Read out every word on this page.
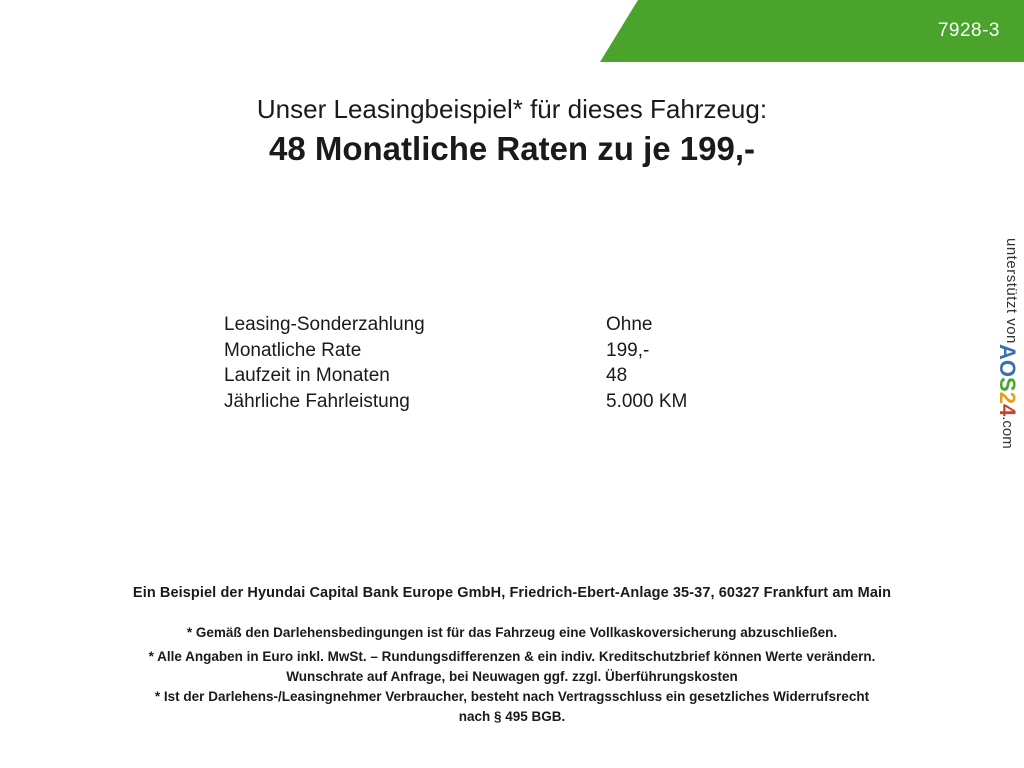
FESER GRAF	7928-3
Unser Leasingbeispiel* für dieses Fahrzeug:
48 Monatliche Raten zu je 199,-
Leasing-Sonderzahlung	Ohne
Monatliche Rate	199,-
Laufzeit in Monaten	48
Jährliche Fahrleistung	5.000 KM
unterstützt von
AOS24.com
Ein Beispiel der Hyundai Capital Bank Europe GmbH, Friedrich-Ebert-Anlage 35-37, 60327 Frankfurt am Main

* Gemäß den Darlehensbedingungen ist für das Fahrzeug eine Vollkaskoversicherung abzuschließen.

* Alle Angaben in Euro inkl. MwSt. – Rundungsdifferenzen & ein indiv. Kreditschutzbrief können Werte verändern.

Wunschrate auf Anfrage, bei Neuwagen ggf. zzgl. Überführungskosten

* Ist der Darlehens-/Leasingnehmer Verbraucher, besteht nach Vertragsschluss ein gesetzliches Widerrufsrecht

nach § 495 BGB.
